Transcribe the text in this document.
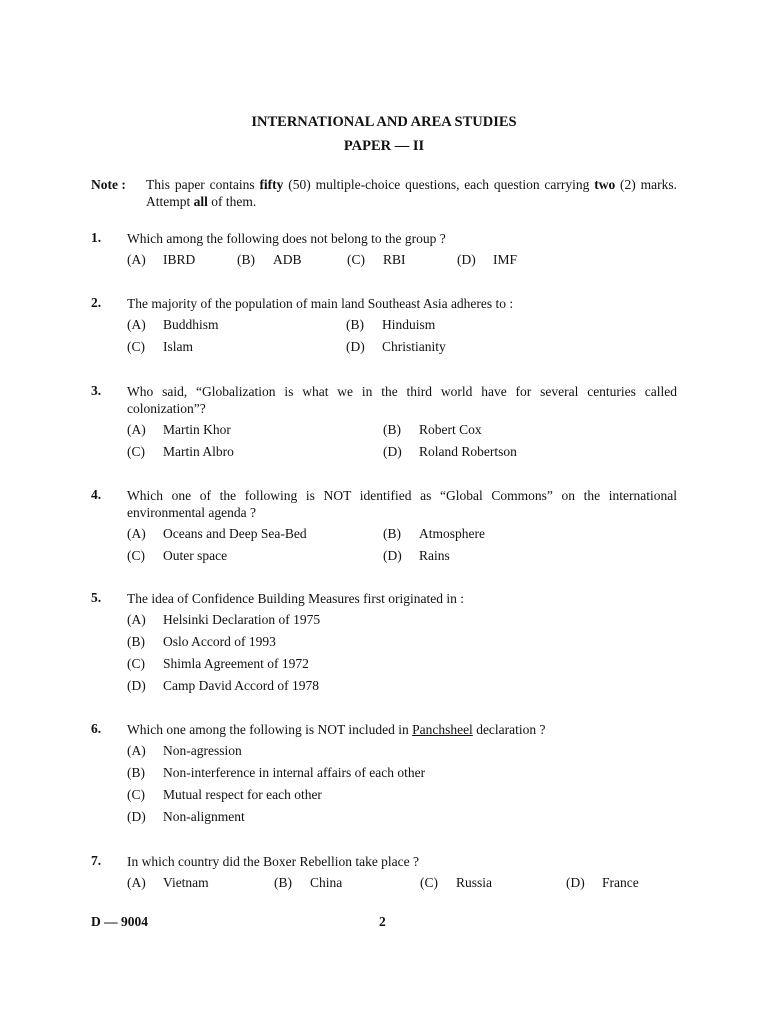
INTERNATIONAL AND AREA STUDIES
PAPER — II
Note : This paper contains fifty (50) multiple-choice questions, each question carrying two (2) marks. Attempt all of them.
1. Which among the following does not belong to the group ?
(A) IBRD	(B) ADB	(C) RBI	(D) IMF
2. The majority of the population of main land Southeast Asia adheres to :
(A) Buddhism	(B) Hinduism
(C) Islam	(D) Christianity
3. Who said, “Globalization is what we in the third world have for several centuries called colonization”?
(A) Martin Khor	(B) Robert Cox
(C) Martin Albro	(D) Roland Robertson
4. Which one of the following is NOT identified as “Global Commons” on the international environmental agenda ?
(A) Oceans and Deep Sea-Bed	(B) Atmosphere
(C) Outer space	(D) Rains
5. The idea of Confidence Building Measures first originated in :
(A) Helsinki Declaration of 1975
(B) Oslo Accord of 1993
(C) Shimla Agreement of 1972
(D) Camp David Accord of 1978
6. Which one among the following is NOT included in Panchsheel declaration ?
(A) Non-agression
(B) Non-interference in internal affairs of each other
(C) Mutual respect for each other
(D) Non-alignment
7. In which country did the Boxer Rebellion take place ?
(A) Vietnam	(B) China	(C) Russia	(D) France
D — 9004	2
